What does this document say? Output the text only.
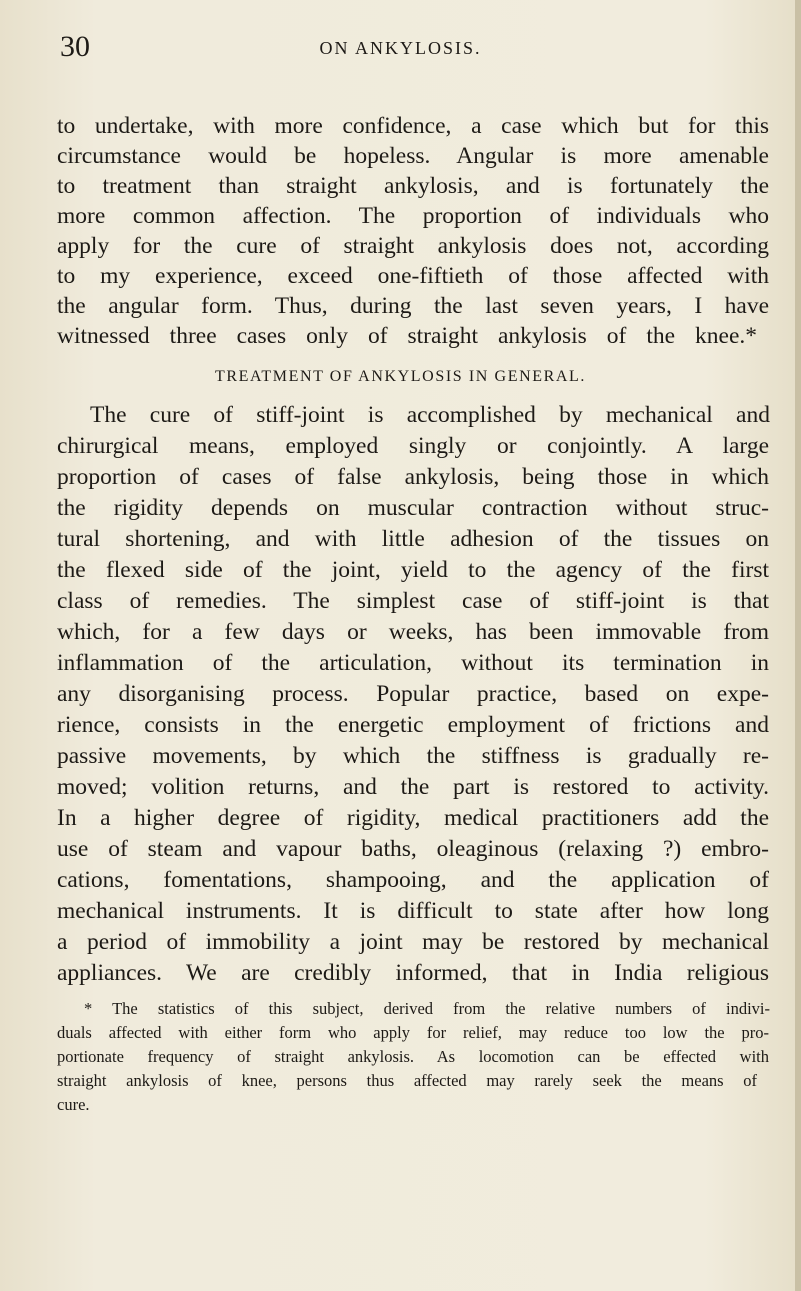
30	ON ANKYLOSIS.
to undertake, with more confidence, a case which but for this
circumstance would be hopeless. Angular is more amenable
to treatment than straight ankylosis, and is fortunately the
more common affection. The proportion of individuals who
apply for the cure of straight ankylosis does not, according
to my experience, exceed one-fiftieth of those affected with
the angular form. Thus, during the last seven years, I have
witnessed three cases only of straight ankylosis of the knee.*
TREATMENT OF ANKYLOSIS IN GENERAL.
The cure of stiff-joint is accomplished by mechanical and
chirurgical means, employed singly or conjointly. A large
proportion of cases of false ankylosis, being those in which
the rigidity depends on muscular contraction without struc-
tural shortening, and with little adhesion of the tissues on
the flexed side of the joint, yield to the agency of the first
class of remedies. The simplest case of stiff-joint is that
which, for a few days or weeks, has been immovable from
inflammation of the articulation, without its termination in
any disorganising process. Popular practice, based on expe-
rience, consists in the energetic employment of frictions and
passive movements, by which the stiffness is gradually re-
moved; volition returns, and the part is restored to activity.
In a higher degree of rigidity, medical practitioners add the
use of steam and vapour baths, oleaginous (relaxing ?) embro-
cations, fomentations, shampooing, and the application of
mechanical instruments. It is difficult to state after how long
a period of immobility a joint may be restored by mechanical
appliances. We are credibly informed, that in India religious
* The statistics of this subject, derived from the relative numbers of indivi-
duals affected with either form who apply for relief, may reduce too low the pro-
portionate frequency of straight ankylosis. As locomotion can be effected with
straight ankylosis of knee, persons thus affected may rarely seek the means of
cure.
